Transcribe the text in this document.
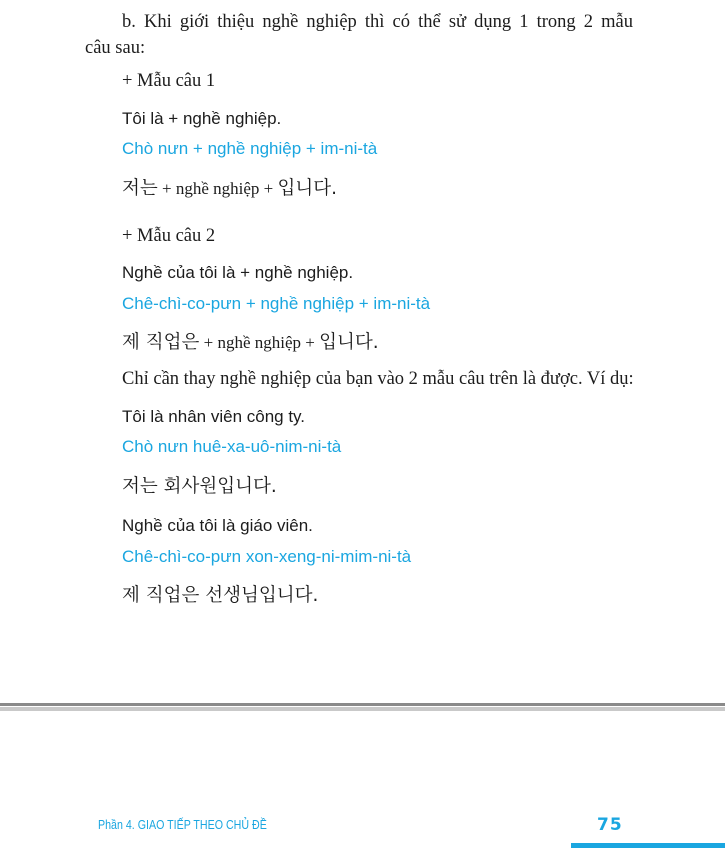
b. Khi giới thiệu nghề nghiệp thì có thể sử dụng 1 trong 2 mẫu
câu sau:
+ Mẫu câu 1
Tôi là + nghề nghiệp.
Chò nưn + nghề nghiệp + im-ni-tà
저는 + nghề nghiệp + 입니다.
+ Mẫu câu 2
Nghề của tôi là + nghề nghiệp.
Chê-chì-co-pưn + nghề nghiệp + im-ni-tà
제 직업은 + nghề nghiệp + 입니다.
Chỉ cần thay nghề nghiệp của bạn vào 2 mẫu câu trên là được. Ví dụ:
Tôi là nhân viên công ty.
Chò nưn huê-xa-uô-nim-ni-tà
저는 회사원입니다.
Nghề của tôi là giáo viên.
Chê-chì-co-pưn xon-xeng-ni-mim-ni-tà
제 직업은 선생님입니다.
Phần 4. GIAO TIẾP THEO CHỦ ĐỀ	75
